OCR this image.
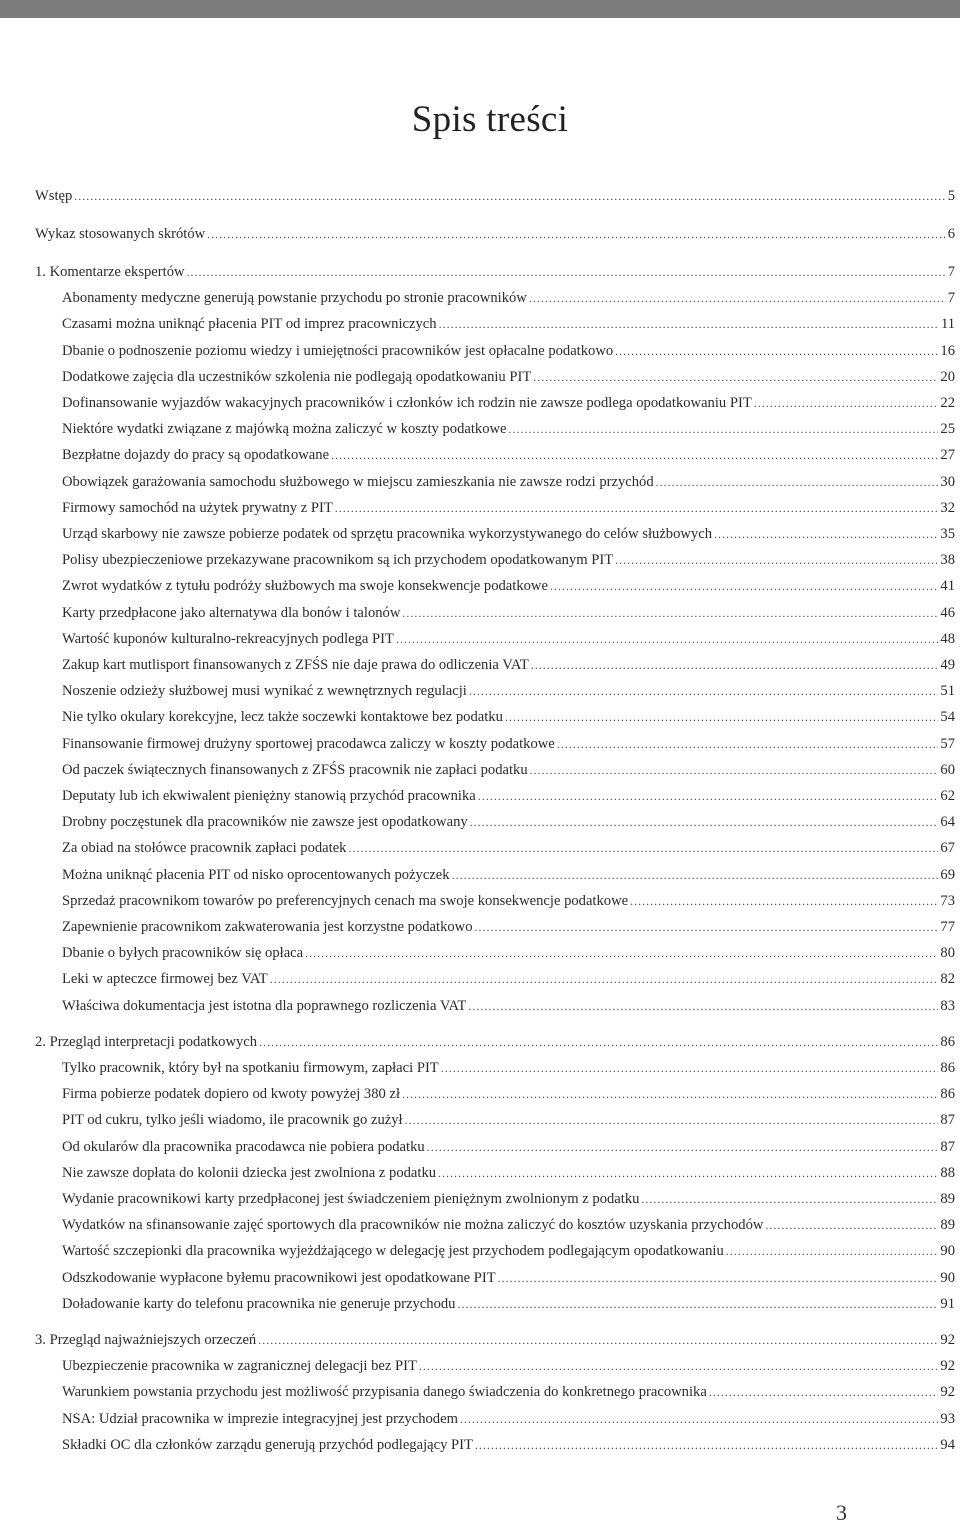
Spis treści
Wstęp .....	5
Wykaz stosowanych skrótów .....	6
1. Komentarze ekspertów .....	7
Abonamenty medyczne generują powstanie przychodu po stronie pracowników .....	7
Czasami można uniknąć płacenia PIT od imprez pracowniczych .....	11
Dbanie o podnoszenie poziomu wiedzy i umiejętności pracowników jest opłacalne podatkowo .....	16
Dodatkowe zajęcia dla uczestników szkolenia nie podlegają opodatkowaniu PIT .....	20
Dofinansowanie wyjazdów wakacyjnych pracowników i członków ich rodzin nie zawsze podlega opodatkowaniu PIT .....	22
Niektóre wydatki związane z majówką można zaliczyć w koszty podatkowe .....	25
Bezpłatne dojazdy do pracy są opodatkowane .....	27
Obowiązek garażowania samochodu służbowego w miejscu zamieszkania nie zawsze rodzi przychód .....	30
Firmowy samochód na użytek prywatny z PIT .....	32
Urząd skarbowy nie zawsze pobierze podatek od sprzętu pracownika wykorzystywanego do celów służbowych .....	35
Polisy ubezpieczeniowe przekazywane pracownikom są ich przychodem opodatkowanym PIT .....	38
Zwrot wydatków z tytułu podróży służbowych ma swoje konsekwencje podatkowe .....	41
Karty przedpłacone jako alternatywa dla bonów i talonów .....	46
Wartość kuponów kulturalno-rekreacyjnych podlega PIT .....	48
Zakup kart mutlisport finansowanych z ZFŚS nie daje prawa do odliczenia VAT .....	49
Noszenie odzieży służbowej musi wynikać z wewnętrznych regulacji .....	51
Nie tylko okulary korekcyjne, lecz także soczewki kontaktowe bez podatku .....	54
Finansowanie firmowej drużyny sportowej pracodawca zaliczy w koszty podatkowe .....	57
Od paczek świątecznych finansowanych z ZFŚS pracownik nie zapłaci podatku .....	60
Deputaty lub ich ekwiwalent pieniężny stanowią przychód pracownika .....	62
Drobny poczęstunek dla pracowników nie zawsze jest opodatkowany .....	64
Za obiad na stołówce pracownik zapłaci podatek .....	67
Można uniknąć płacenia PIT od nisko oprocentowanych pożyczek .....	69
Sprzedaż pracownikom towarów po preferencyjnych cenach ma swoje konsekwencje podatkowe .....	73
Zapewnienie pracownikom zakwaterowania jest korzystne podatkowo .....	77
Dbanie o byłych pracowników się opłaca .....	80
Leki w apteczce firmowej bez VAT .....	82
Właściwa dokumentacja jest istotna dla poprawnego rozliczenia VAT .....	83
2. Przegląd interpretacji podatkowych .....	86
Tylko pracownik, który był na spotkaniu firmowym, zapłaci PIT .....	86
Firma pobierze podatek dopiero od kwoty powyżej 380 zł .....	86
PIT od cukru, tylko jeśli wiadomo, ile pracownik go zużył .....	87
Od okularów dla pracownika pracodawca nie pobiera podatku .....	87
Nie zawsze dopłata do kolonii dziecka jest zwolniona z podatku .....	88
Wydanie pracownikowi karty przedpłaconej jest świadczeniem pieniężnym zwolnionym z podatku .....	89
Wydatków na sfinansowanie zajęć sportowych dla pracowników nie można zaliczyć do kosztów uzyskania przychodów .....	89
Wartość szczepionki dla pracownika wyjeżdżającego w delegację jest przychodem podlegającym opodatkowaniu .....	90
Odszkodowanie wypłacone byłemu pracownikowi jest opodatkowane PIT .....	90
Doładowanie karty do telefonu pracownika nie generuje przychodu .....	91
3. Przegląd najważniejszych orzeczeń .....	92
Ubezpieczenie pracownika w zagranicznej delegacji bez PIT .....	92
Warunkiem powstania przychodu jest możliwość przypisania danego świadczenia do konkretnego pracownika .....	92
NSA: Udział pracownika w imprezie integracyjnej jest przychodem .....	93
Składki OC dla członków zarządu generują przychód podlegający PIT .....	94
3
